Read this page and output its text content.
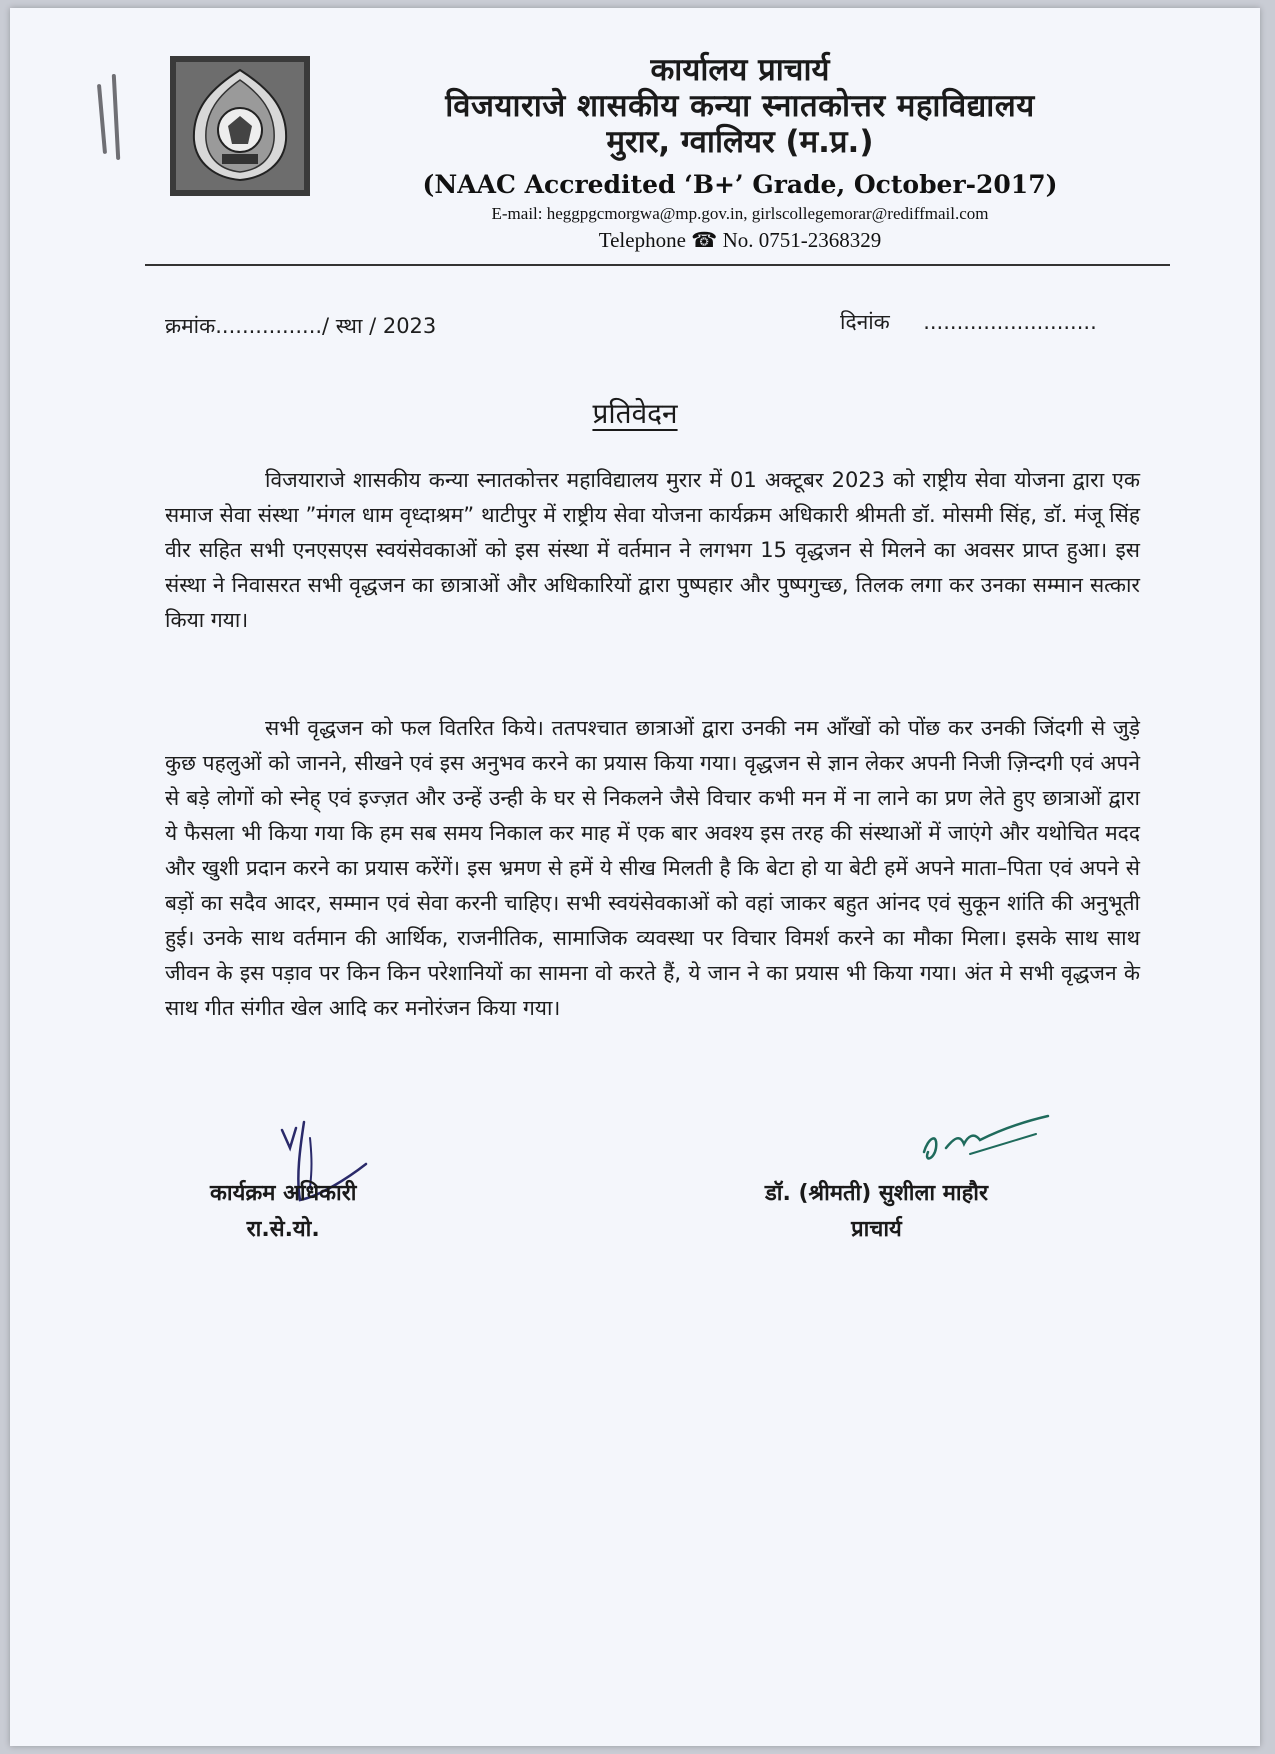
कार्यालय प्राचार्य
विजयाराजे शासकीय कन्या स्नातकोत्तर महाविद्यालय
मुरार, ग्वालियर (म.प्र.)
(NAAC Accredited ‘B+’ Grade, October-2017)
E-mail: heggpgcmorgwa@mp.gov.in, girlscollegemorar@rediffmail.com
Telephone ☎ No. 0751-2368329
क्रमांक................/ स्था / 2023	दिनांक ..........................
प्रतिवेदन

विजयाराजे शासकीय कन्या स्नातकोत्तर महाविद्यालय मुरार में 01 अक्टूबर 2023 को राष्ट्रीय सेवा योजना द्वारा एक समाज सेवा संस्था ”मंगल धाम वृध्दाश्रम” थाटीपुर में राष्ट्रीय सेवा योजना कार्यक्रम अधिकारी श्रीमती डॉ. मोसमी सिंह, डॉ. मंजू सिंह वीर सहित सभी एनएसएस स्वयंसेवकाओं को इस संस्था में वर्तमान ने लगभग 15 वृद्धजन से मिलने का अवसर प्राप्त हुआ। इस संस्था ने निवासरत सभी वृद्धजन का छात्राओं और अधिकारियों द्वारा पुष्पहार और पुष्पगुच्छ, तिलक लगा कर उनका सम्मान सत्कार किया गया।

सभी वृद्धजन को फल वितरित किये। ततपश्चात छात्राओं द्वारा उनकी नम आँखों को पोंछ कर उनकी जिंदगी से जुड़े कुछ पहलुओं को जानने, सीखने एवं इस अनुभव करने का प्रयास किया गया। वृद्धजन से ज्ञान लेकर अपनी निजी ज़िन्दगी एवं अपने से बड़े लोगों को स्नेह् एवं इज्ज़त और उन्हें उन्ही के घर से निकलने जैसे विचार कभी मन में ना लाने का प्रण लेते हुए छात्राओं द्वारा ये फैसला भी किया गया कि हम सब समय निकाल कर माह में एक बार अवश्य इस तरह की संस्थाओं में जाएंगे और यथोचित मदद और खुशी प्रदान करने का प्रयास करेंगें। इस भ्रमण से हमें ये सीख मिलती है कि बेटा हो या बेटी हमें अपने माता–पिता एवं अपने से बड़ों का सदैव आदर, सम्मान एवं सेवा करनी चाहिए। सभी स्वयंसेवकाओं को वहां जाकर बहुत आंनद एवं सुकून शांति की अनुभूती हुई। उनके साथ वर्तमान की आर्थिक, राजनीतिक, सामाजिक व्यवस्था पर विचार विमर्श करने का मौका मिला। इसके साथ साथ जीवन के इस पड़ाव पर किन किन परेशानियों का सामना वो करते हैं, ये जान ने का प्रयास भी किया गया। अंत मे सभी वृद्धजन के साथ गीत संगीत खेल आदि कर मनोरंजन किया गया।

कार्यक्रम अधिकारी
रा.से.यो.
डॉ. (श्रीमती) सुशीला माहौर
प्राचार्य
